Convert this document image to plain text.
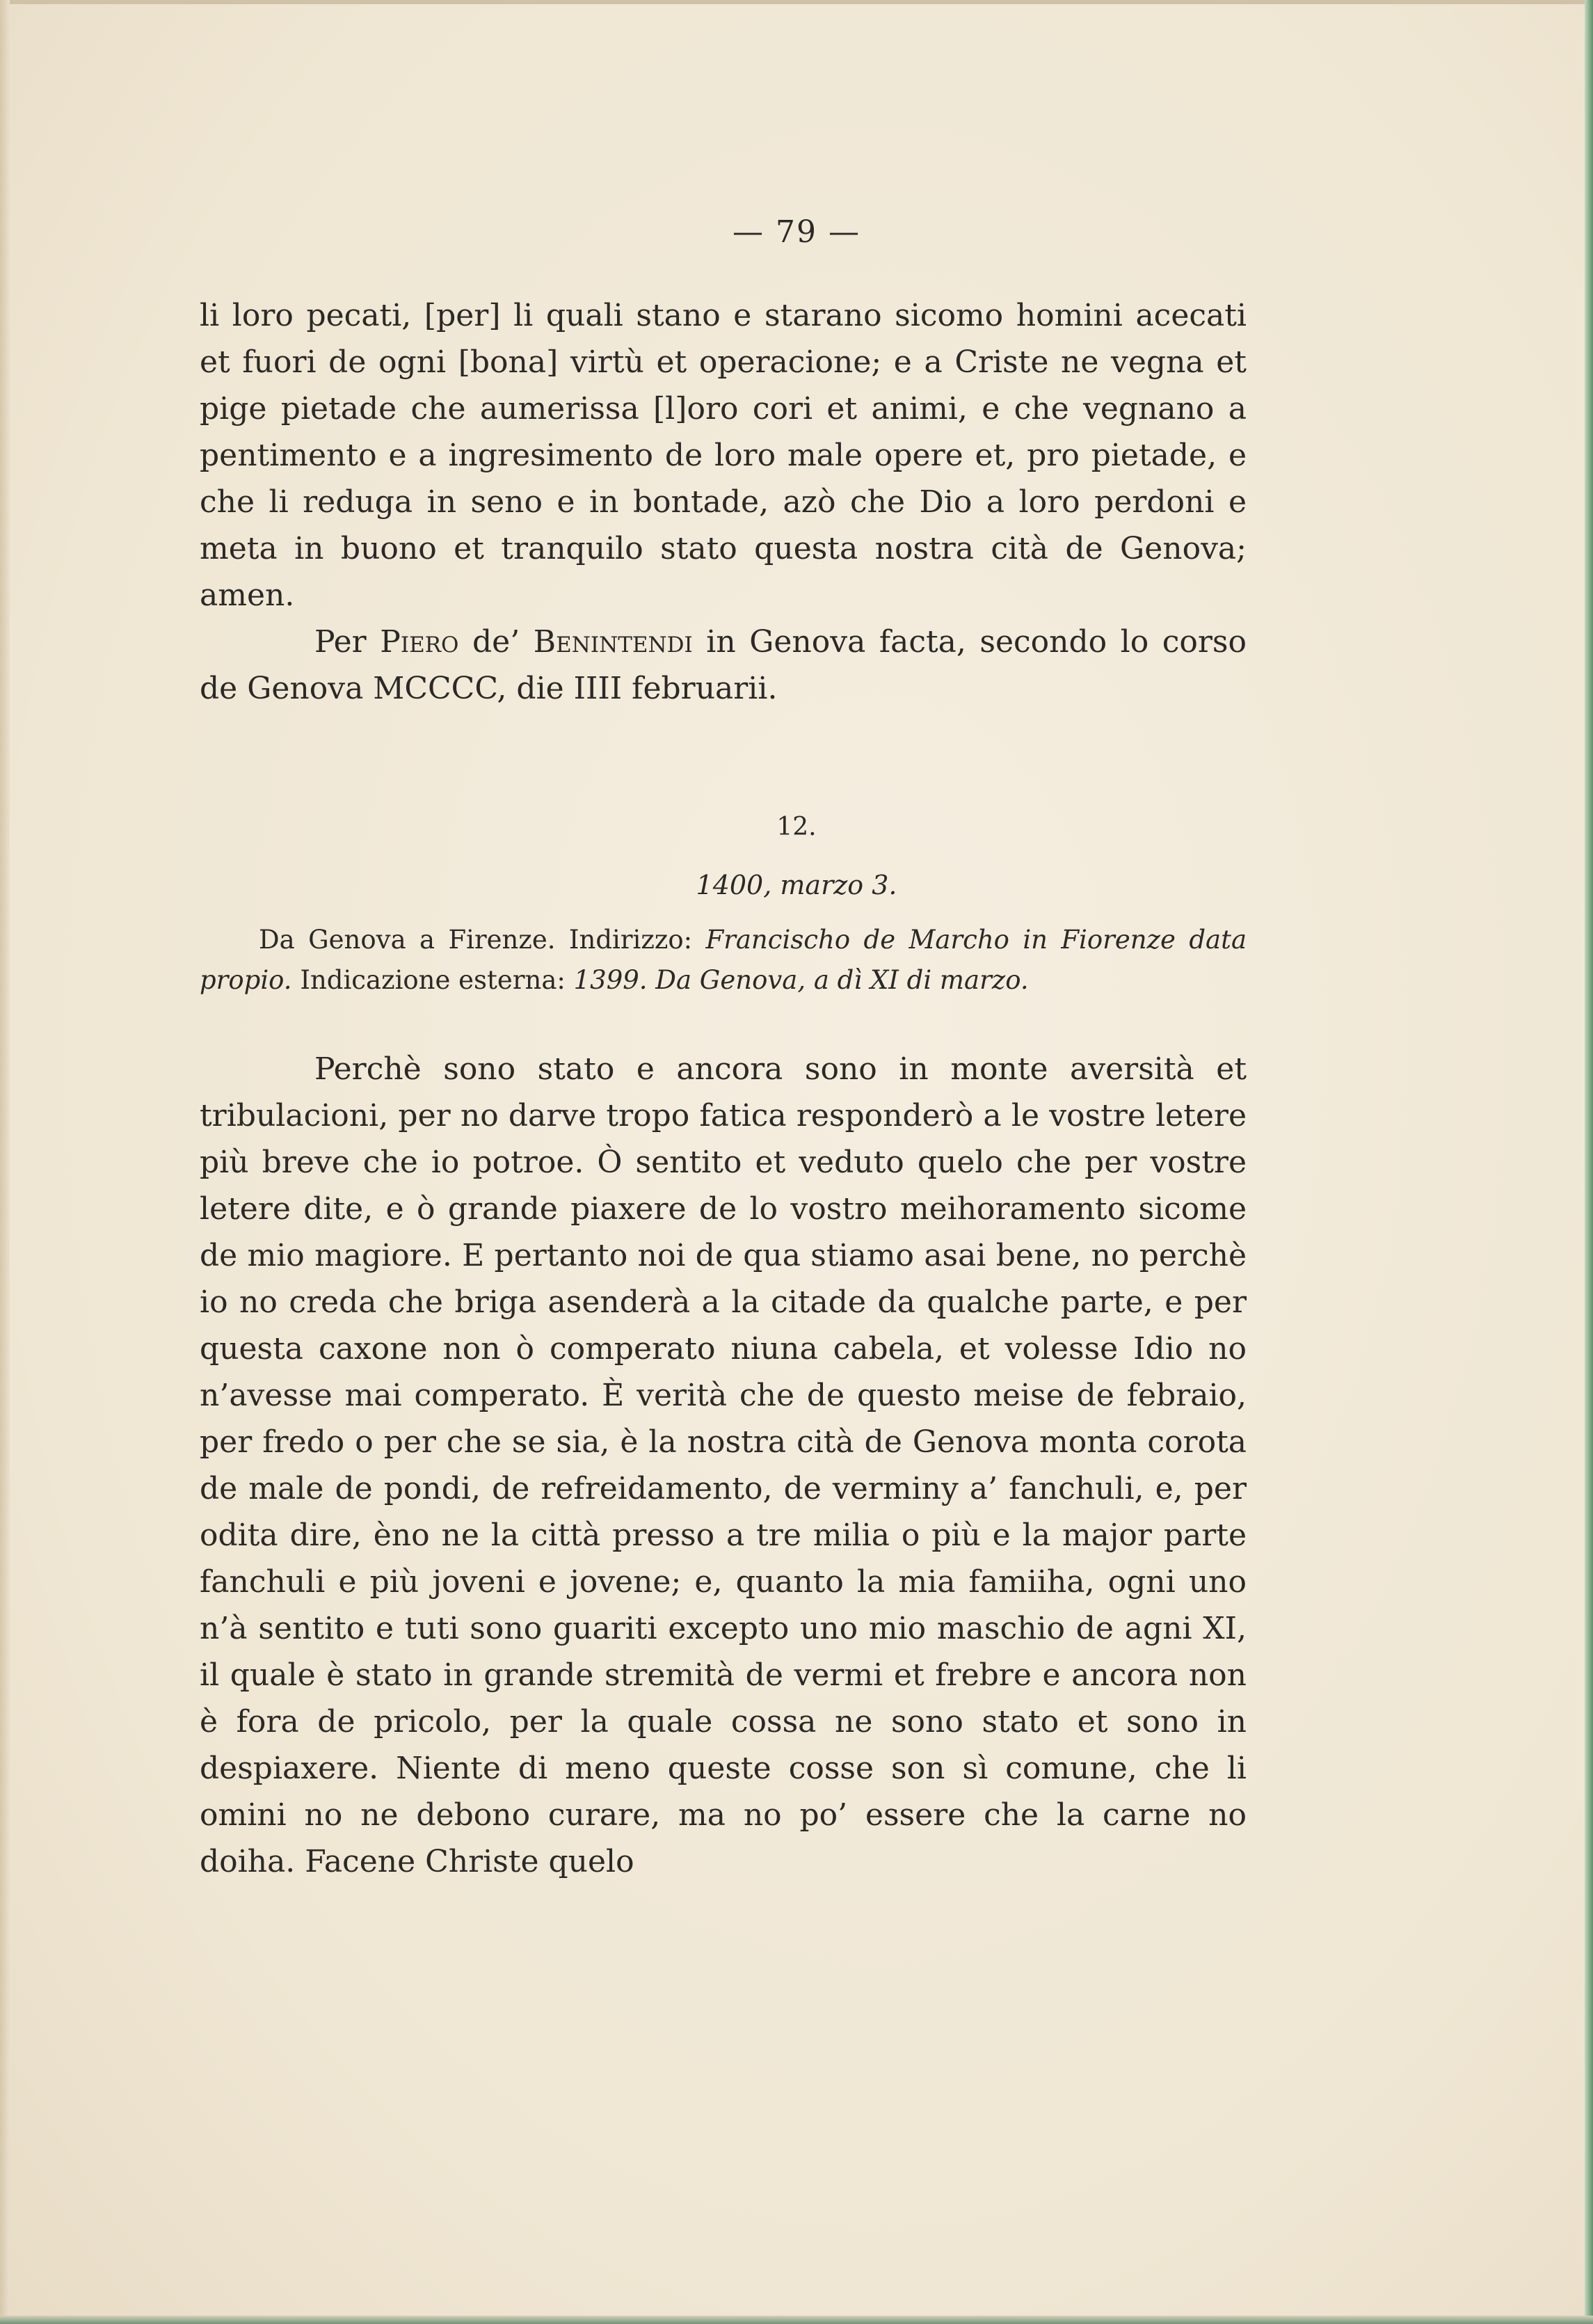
— 79 —

li loro pecati, [per] li quali stano e starano sicomo homini acecati et fuori de ogni [bona] virtù et operacione; e a Criste ne vegna et pige pietade che aumerissa [l]oro cori et animi, e che vegnano a pentimento e a ingresimento de loro male opere et, pro pietade, e che li reduga in seno e in bontade, azò che Dio a loro perdoni e meta in buono et tranquilo stato questa nostra cità de Genova; amen.

Per Piero de’ Benintendi in Genova facta, secondo lo corso de Genova MCCCC, die IIII februarii.

12.
1400, marzo 3.

Da Genova a Firenze. Indirizzo: Francischo de Marcho in Fiorenze data propio. Indicazione esterna: 1399. Da Genova, a dì XI di marzo.

Perchè sono stato e ancora sono in monte aversità et tribulacioni, per no darve tropo fatica responderò a le vostre letere più breve che io potroe. Ò sentito et veduto quelo che per vostre letere dite, e ò grande piaxere de lo vostro meihoramento sicome de mio magiore. E pertanto noi de qua stiamo asai bene, no perchè io no creda che briga asenderà a la citade da qualche parte, e per questa caxone non ò comperato niuna cabela, et volesse Idio no n’avesse mai comperato. È verità che de questo meise de febraio, per fredo o per che se sia, è la nostra cità de Genova monta corota de male de pondi, de refreidamento, de verminy a’ fanchuli, e, per odita dire, èno ne la città presso a tre milia o più e la major parte fanchuli e più joveni e jovene; e, quanto la mia famiiha, ogni uno n’à sentito e tuti sono guariti excepto uno mio maschio de agni XI, il quale è stato in grande stremità de vermi et frebre e ancora non è fora de pricolo, per la quale cossa ne sono stato et sono in despiaxere. Niente di meno queste cosse son sì comune, che li omini no ne debono curare, ma no po’ essere che la carne no doiha. Facene Christe quelo
